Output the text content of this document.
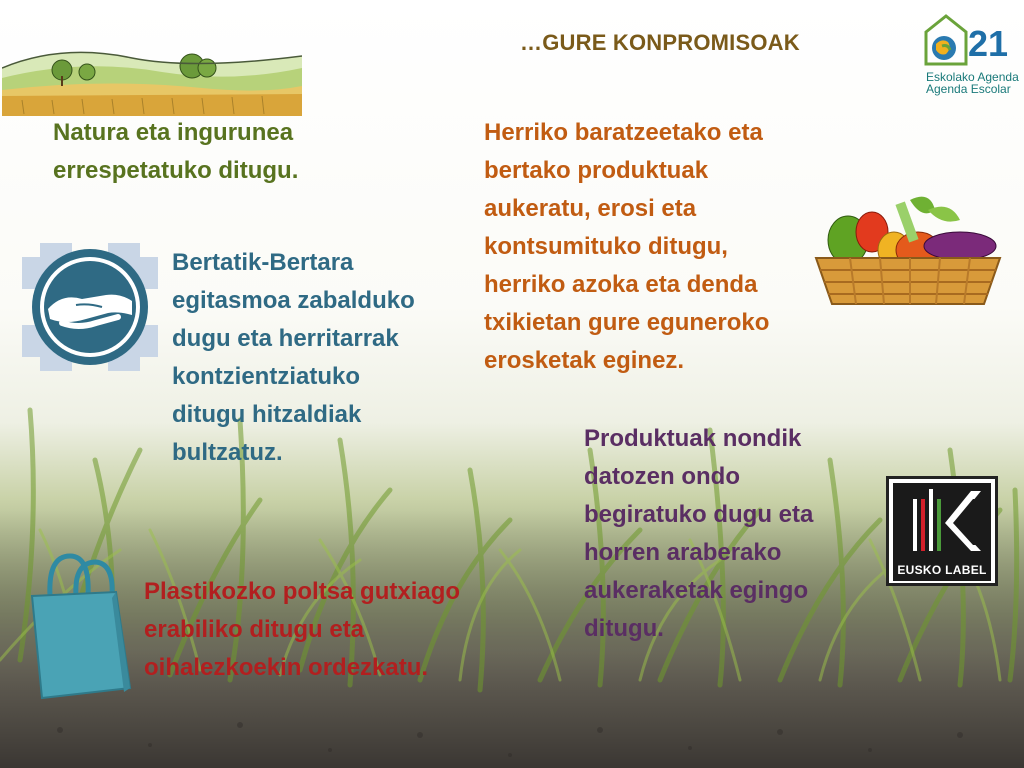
…GURE KONPROMISOAK	21
Eskolako Agenda
Agenda Escolar
Natura eta ingurunea
errespetatuko ditugu.
Bertatik-Bertara
egitasmoa zabalduko
dugu eta herritarrak
kontzientziatuko
ditugu hitzaldiak
bultzatuz.
Herriko baratzeetako eta
bertako produktuak
aukeratu, erosi eta
kontsumituko ditugu,
herriko azoka eta denda
txikietan gure eguneroko
erosketak eginez.
Produktuak nondik
datozen ondo
begiratuko dugu eta
horren araberako
aukeraketak egingo
ditugu.
EUSKO LABEL
Plastikozko poltsa gutxiago
erabiliko ditugu eta
oihalezkoekin ordezkatu.
